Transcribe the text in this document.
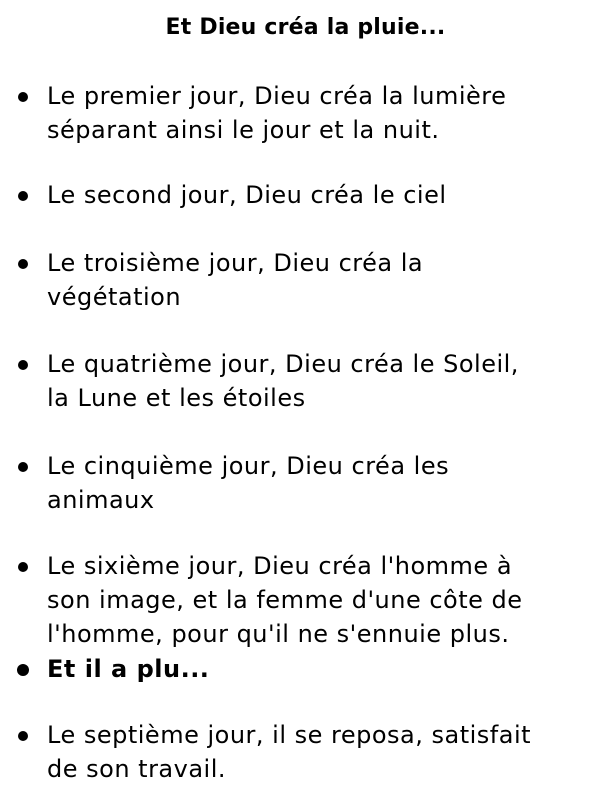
Et Dieu créa la pluie...
Le premier jour, Dieu créa la lumière
séparant ainsi le jour et la nuit.
Le second jour, Dieu créa le ciel
Le troisième jour, Dieu créa la
végétation
Le quatrième jour, Dieu créa le Soleil,
la Lune et les étoiles
Le cinquième jour, Dieu créa les
animaux
Le sixième jour, Dieu créa l'homme à
son image, et la femme d'une côte de
l'homme, pour qu'il ne s'ennuie plus.
Et il a plu...
Le septième jour, il se reposa, satisfait
de son travail.
